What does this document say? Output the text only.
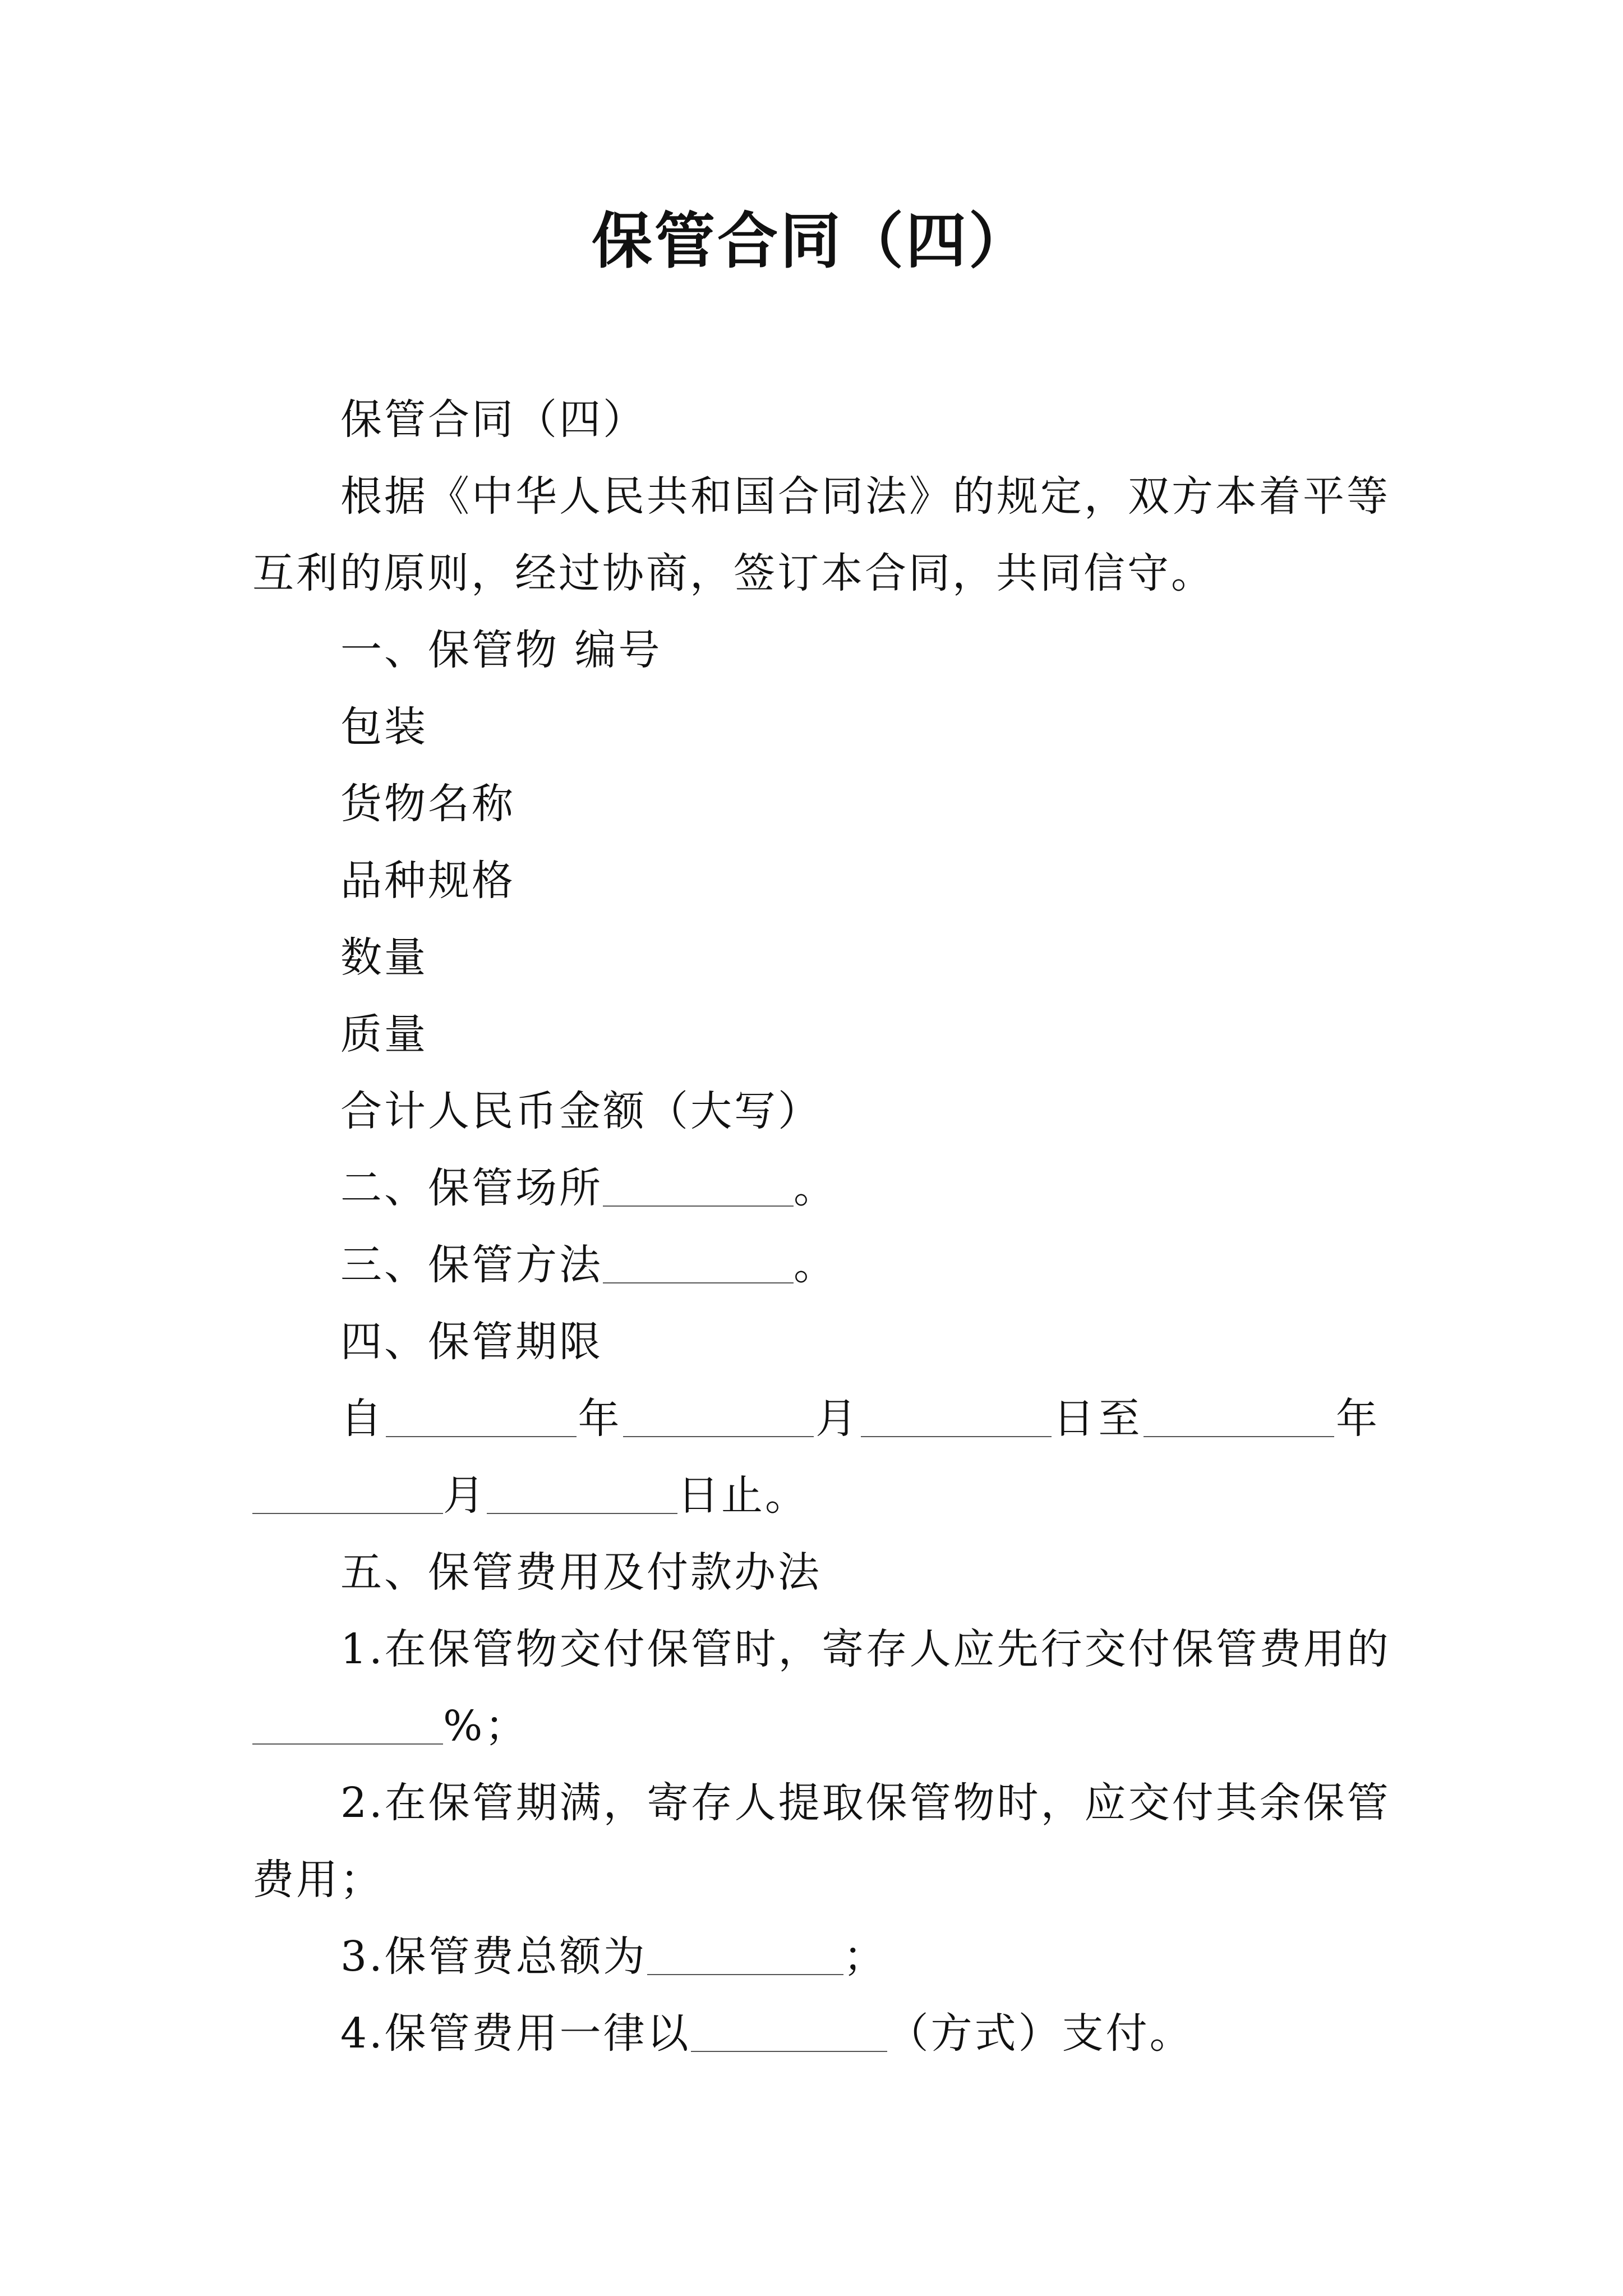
保管合同（四）
保管合同（四）
根据《中华人民共和国合同法》的规定，双方本着平等
互利的原则，经过协商，签订本合同，共同信守。
一、保管物 编号
包装
货物名称
品种规格
数量
质量
合计人民币金额（大写）
二、保管场所	。
三、保管方法	。
四、保管期限
自	年	月	日至	年
月	日止。
五、保管费用及付款办法
1.在保管物交付保管时，寄存人应先行交付保管费用的
%；
2.在保管期满，寄存人提取保管物时，应交付其余保管
费用；
3.保管费总额为	；
4.保管费用一律以	（方式）支付。
